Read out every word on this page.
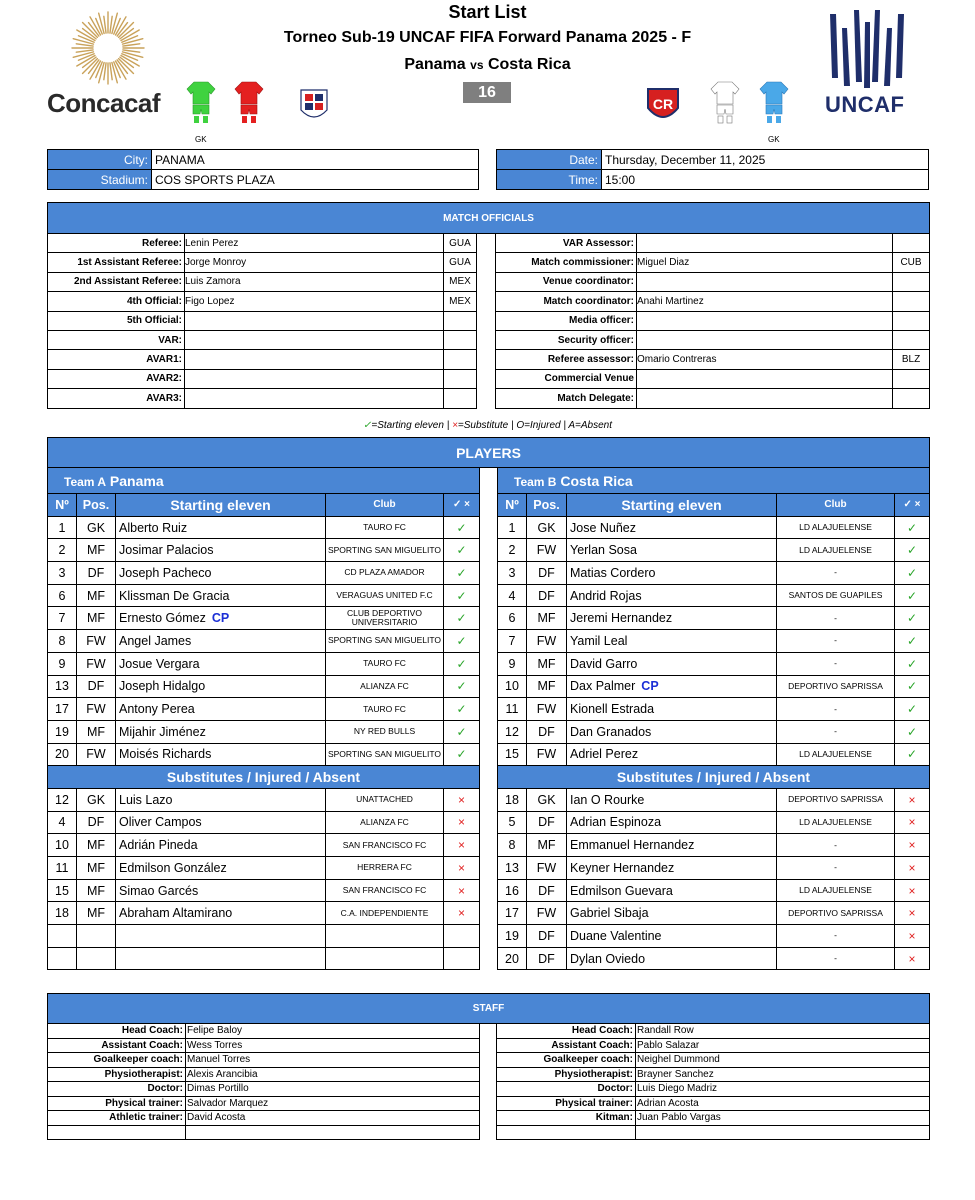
Start List
Torneo Sub-19 UNCAF FIFA Forward Panama 2025 - F
Panama vs Costa Rica
16
Concacaf	UNCAF
GK
CR
GK
City:	PANAMA
Stadium:	COS SPORTS PLAZA
Date:	Thursday, December 11, 2025
Time:	15:00
MATCH OFFICIALS						
Referee:	Lenin Perez	GUA		VAR Assessor:		
1st Assistant Referee:	Jorge Monroy	GUA		Match commissioner:	Miguel Diaz	CUB
2nd Assistant Referee:	Luis Zamora	MEX		Venue coordinator:		
4th Official:	Figo Lopez	MEX		Match coordinator:	Anahi Martinez	
5th Official:				Media officer:		
VAR:				Security officer:		
AVAR1:				Referee assessor:	Omario Contreras	BLZ
AVAR2:				Commercial Venue		
AVAR3:				Match Delegate:		
✓=Starting eleven | ×=Substitute | O=Injured | A=Absent
PLAYERS										
Team A Panama						Team B Costa Rica				
Nº	Pos.	Starting eleven	Club	✓ ×		Nº	Pos.	Starting eleven	Club	✓ ×
1	GK	Alberto Ruiz	TAURO FC	✓		1	GK	Jose Nuñez	LD ALAJUELENSE	✓
2	MF	Josimar Palacios	SPORTING SAN MIGUELITO	✓		2	FW	Yerlan Sosa	LD ALAJUELENSE	✓
3	DF	Joseph Pacheco	CD PLAZA AMADOR	✓		3	DF	Matias Cordero	-	✓
6	MF	Klissman De Gracia	VERAGUAS UNITED F.C	✓		4	DF	Andrid Rojas	SANTOS DE GUAPILES	✓
7	MF	Ernesto Gómez CP	CLUB DEPORTIVO UNIVERSITARIO	✓		6	MF	Jeremi Hernandez	-	✓
8	FW	Angel James	SPORTING SAN MIGUELITO	✓		7	FW	Yamil Leal	-	✓
9	FW	Josue Vergara	TAURO FC	✓		9	MF	David Garro	-	✓
13	DF	Joseph Hidalgo	ALIANZA FC	✓		10	MF	Dax Palmer CP	DEPORTIVO SAPRISSA	✓
17	FW	Antony Perea	TAURO FC	✓		11	FW	Kionell Estrada	-	✓
19	MF	Mijahir Jiménez	NY RED BULLS	✓		12	DF	Dan Granados	-	✓
20	FW	Moisés Richards	SPORTING SAN MIGUELITO	✓		15	FW	Adriel Perez	LD ALAJUELENSE	✓
Substitutes / Injured / Absent						Substitutes / Injured / Absent				
12	GK	Luis Lazo	UNATTACHED	×		18	GK	Ian O Rourke	DEPORTIVO SAPRISSA	×
4	DF	Oliver Campos	ALIANZA FC	×		5	DF	Adrian Espinoza	LD ALAJUELENSE	×
10	MF	Adrián Pineda	SAN FRANCISCO FC	×		8	MF	Emmanuel Hernandez	-	×
11	MF	Edmilson González	HERRERA FC	×		13	FW	Keyner Hernandez	-	×
15	MF	Simao Garcés	SAN FRANCISCO FC	×		16	DF	Edmilson Guevara	LD ALAJUELENSE	×
18	MF	Abraham Altamirano	C.A. INDEPENDIENTE	×		17	FW	Gabriel Sibaja	DEPORTIVO SAPRISSA	×
						19	DF	Duane Valentine	-	×
						20	DF	Dylan Oviedo	-	×
STAFF				
Head Coach:	Felipe Baloy		Head Coach:	Randall Row
Assistant Coach:	Wess Torres		Assistant Coach:	Pablo Salazar
Goalkeeper coach:	Manuel Torres		Goalkeeper coach:	Neighel Dummond
Physiotherapist:	Alexis Arancibia		Physiotherapist:	Brayner Sanchez
Doctor:	Dimas Portillo		Doctor:	Luis Diego Madriz
Physical trainer:	Salvador Marquez		Physical trainer:	Adrian Acosta
Athletic trainer:	David Acosta		Kitman:	Juan Pablo Vargas
